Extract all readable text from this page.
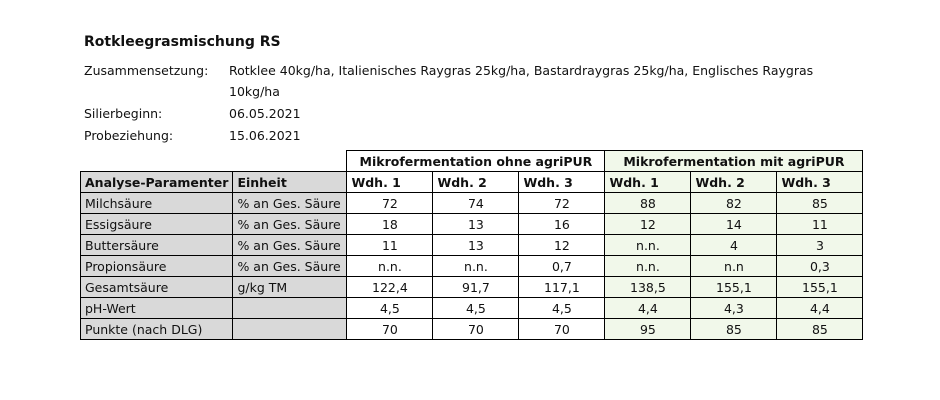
Rotkleegrasmischung RS
Zusammensetzung: Rotklee 40kg/ha, Italienisches Raygras 25kg/ha, Bastardraygras 25kg/ha, Englisches Raygras
10kg/ha
Silierbeginn:	06.05.2021
Probeziehung:	15.06.2021
		Mikrofermentation ohne agriPUR			Mikrofermentation mit agriPUR		
Analyse-Paramenter	Einheit	Wdh. 1	Wdh. 2	Wdh. 3	Wdh. 1	Wdh. 2	Wdh. 3
Milchsäure	% an Ges. Säure	72	74	72	88	82	85
Essigsäure	% an Ges. Säure	18	13	16	12	14	11
Buttersäure	% an Ges. Säure	11	13	12	n.n.	4	3
Propionsäure	% an Ges. Säure	n.n.	n.n.	0,7	n.n.	n.n	0,3
Gesamtsäure	g/kg TM	122,4	91,7	117,1	138,5	155,1	155,1
pH-Wert		4,5	4,5	4,5	4,4	4,3	4,4
Punkte (nach DLG)		70	70	70	95	85	85
